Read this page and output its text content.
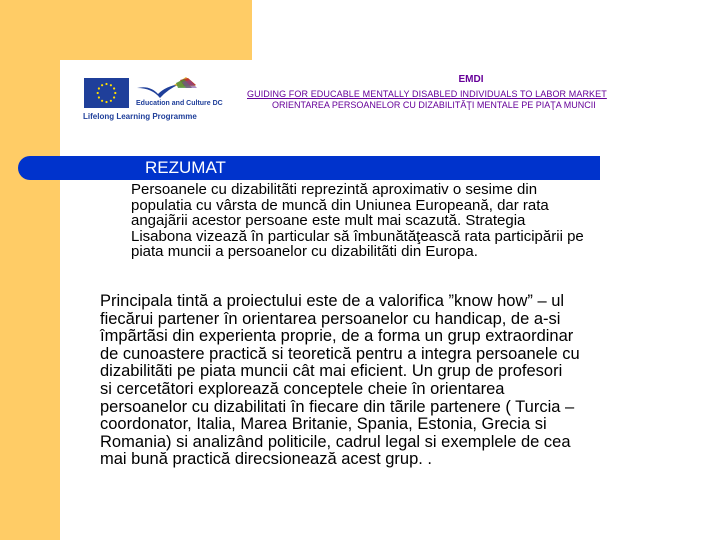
Education and Culture DC
Lifelong Learning Programme
EMDI
GUIDING FOR EDUCABLE MENTALLY DISABLED INDIVIDUALS TO LABOR MARKET
ORIENTAREA PERSOANELOR CU DIZABILITĂŢI MENTALE PE PIAŢA MUNCII
REZUMAT
Persoanele cu dizabilitãti reprezintă aproximativ o sesime din
populatia cu vârsta de muncă din Uniunea Europeană, dar rata
angajãrii acestor persoane este mult mai scazută. Strategia
Lisabona vizează în particular să îmbunătăţească rata participării pe
piata muncii a persoanelor cu dizabilitãti din Europa.
Principala tintă a proiectului este de a valorifica ”know how” – ul
fiecărui partener în orientarea persoanelor cu handicap, de a-si
împãrtãsi din experienta proprie, de a forma un grup extraordinar
de cunoastere practică si teoretică pentru a integra persoanele cu
dizabilitãti pe piata muncii cât mai eficient. Un grup de profesori
si cercetãtori explorează conceptele cheie în orientarea
persoanelor cu dizabilitati în fiecare din tãrile partenere ( Turcia –
coordonator, Italia, Marea Britanie, Spania, Estonia, Grecia si
Romania) si analizând politicile, cadrul legal si exemplele de cea
mai bună practică direcsionează acest grup. .
